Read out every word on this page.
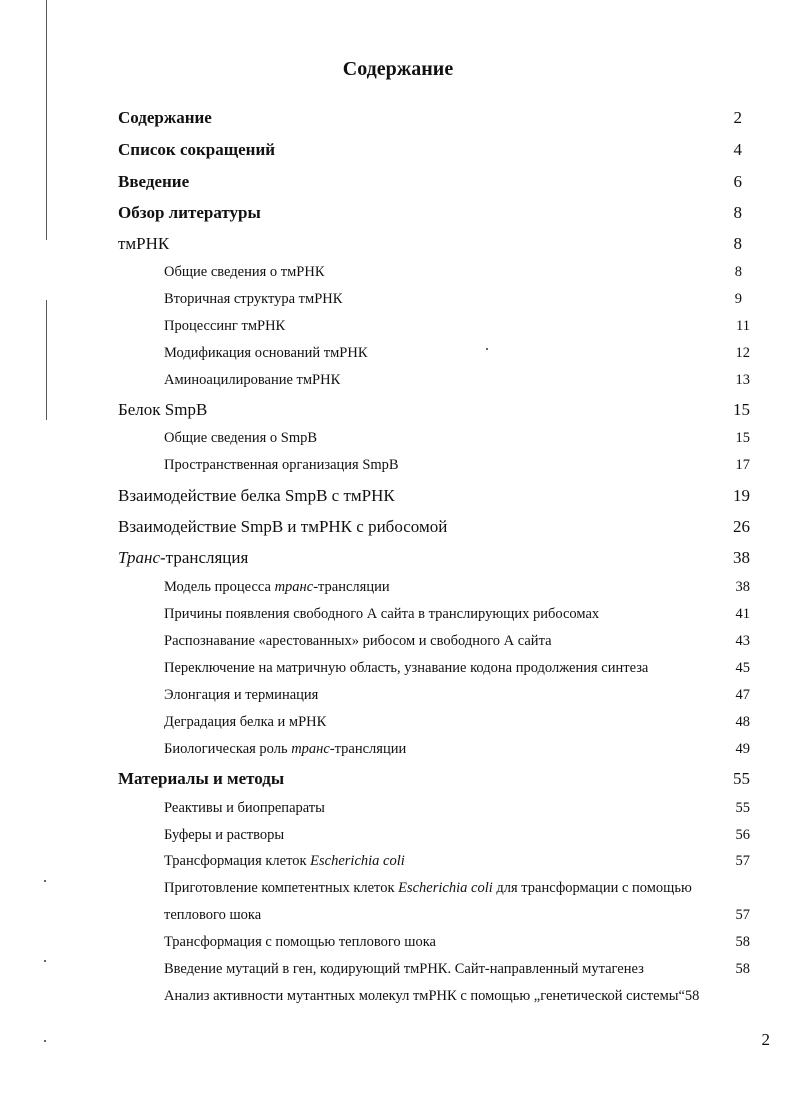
Содержание
Содержание	2
Список сокращений	4
Введение	6
Обзор литературы	8
тмРНК	8
Общие сведения о тмРНК	8
Вторичная структура тмРНК	9
Процессинг тмРНК	11
Модификация оснований тмРНК	12
Аминоацилирование тмРНК	13
Белок SmpB	15
Общие сведения о SmpB	15
Пространственная организация SmpB	17
Взаимодействие белка SmpB с тмРНК	19
Взаимодействие SmpB и тмРНК с рибосомой	26
Транс-трансляция	38
Модель процесса транс-трансляции	38
Причины появления свободного А сайта в транслирующих рибосомах	41
Распознавание «арестованных» рибосом и свободного А сайта	43
Переключение на матричную область, узнавание кодона продолжения синтеза	45
Элонгация и терминация	47
Деградация белка и мРНК	48
Биологическая роль транс-трансляции	49
Материалы и методы	55
Реактивы и биопрепараты	55
Буферы и растворы	56
Трансформация клеток Escherichia coli	57
Приготовление компетентных клеток Escherichia coli для трансформации с помощью
теплового шока	57
Трансформация с помощью теплового шока	58
Введение мутаций в ген, кодирующий тмРНК. Сайт-направленный мутагенез	58
Анализ активности мутантных молекул тмРНК с помощью „генетической системы“58
2
